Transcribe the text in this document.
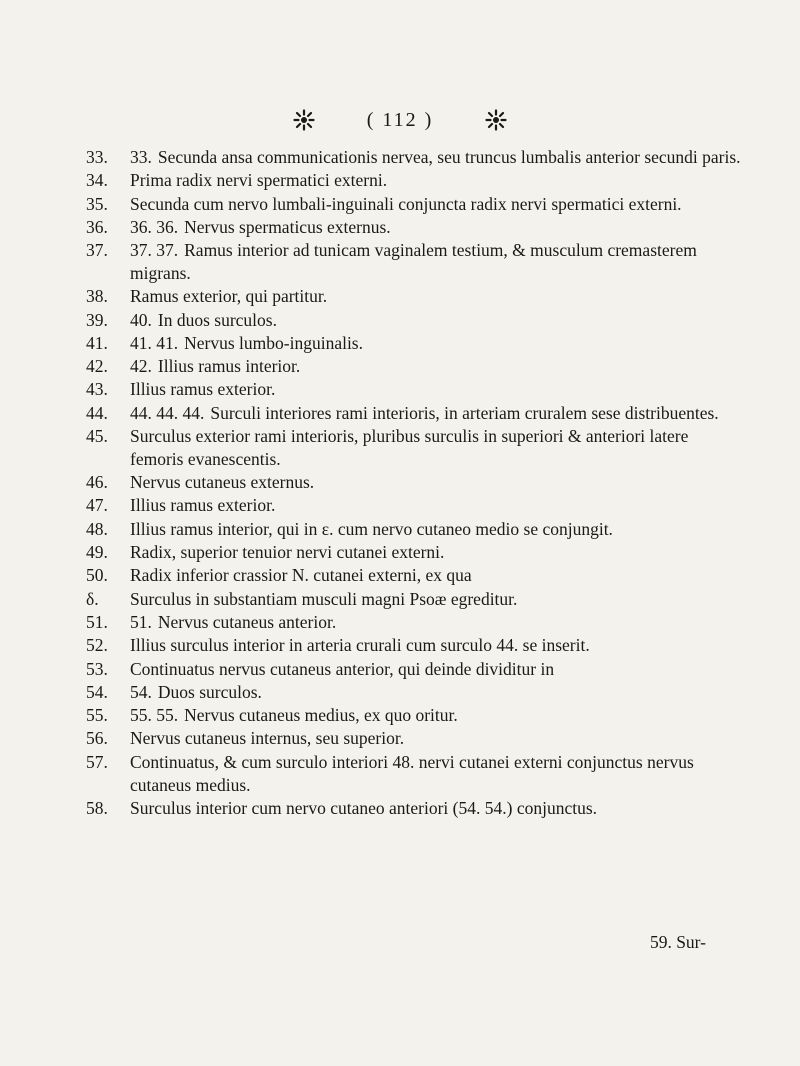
( 112 )
33.	33. Secunda ansa communicationis nervea, seu truncus lumbalis anterior secundi paris.
34.	Prima radix nervi spermatici externi.
35.	Secunda cum nervo lumbali-inguinali conjuncta radix nervi spermatici externi.
36.	36. 36. Nervus spermaticus externus.
37.	37. 37. Ramus interior ad tunicam vaginalem testium, & musculum cremasterem migrans.
38.	Ramus exterior, qui partitur.
39.	40. In duos surculos.
41.	41. 41. Nervus lumbo-inguinalis.
42.	42. Illius ramus interior.
43.	Illius ramus exterior.
44.	44. 44. 44. Surculi interiores rami interioris, in arteriam cruralem sese distribuentes.
45.	Surculus exterior rami interioris, pluribus surculis in superiori & anteriori latere femoris evanescentis.
46.	Nervus cutaneus externus.
47.	Illius ramus exterior.
48.	Illius ramus interior, qui in ε. cum nervo cutaneo medio se conjungit.
49.	Radix, superior tenuior nervi cutanei externi.
50.	Radix inferior crassior N. cutanei externi, ex qua
δ.	Surculus in substantiam musculi magni Psoæ egreditur.
51.	51. Nervus cutaneus anterior.
52.	Illius surculus interior in arteria crurali cum surculo 44. se inserit.
53.	Continuatus nervus cutaneus anterior, qui deinde dividitur in
54.	54. Duos surculos.
55.	55. 55. Nervus cutaneus medius, ex quo oritur.
56.	Nervus cutaneus internus, seu superior.
57.	Continuatus, & cum surculo interiori 48. nervi cutanei externi conjunctus nervus cutaneus medius.
58.	Surculus interior cum nervo cutaneo anteriori (54. 54.) conjunctus.
59. Sur-
